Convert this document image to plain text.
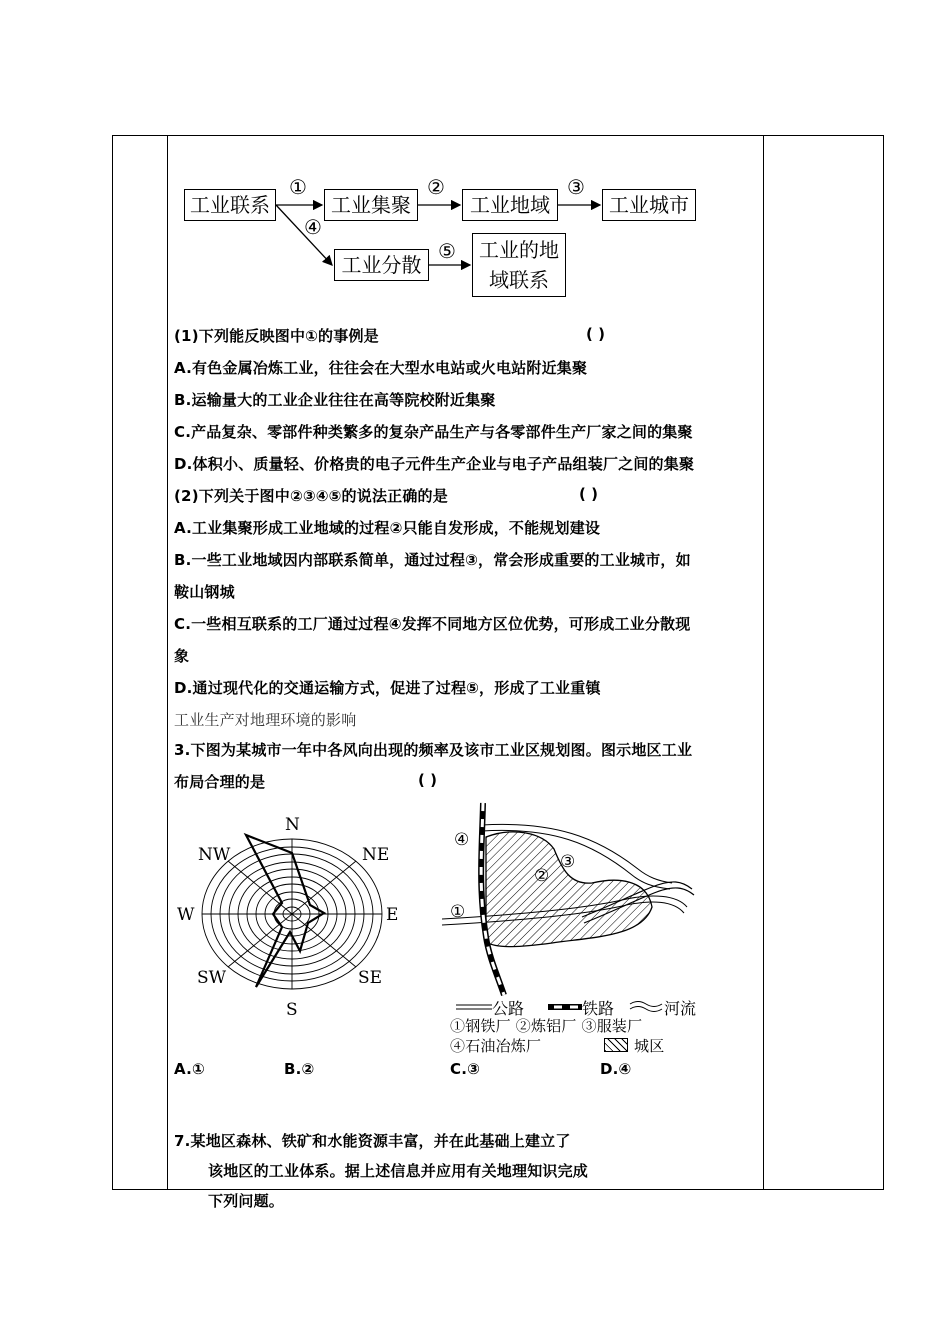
工业联系	工业集聚	工业地域	工业城市
工业分散
工业的地
域联系
①	②	③
④
⑤
(1)下列能反映图中①的事例是	( )
A.有色金属冶炼工业，往往会在大型水电站或火电站附近集聚
B.运输量大的工业企业往往在高等院校附近集聚
C.产品复杂、零部件种类繁多的复杂产品生产与各零部件生产厂家之间的集聚
D.体积小、质量轻、价格贵的电子元件生产企业与电子产品组装厂之间的集聚
(2)下列关于图中②③④⑤的说法正确的是	( )
A.工业集聚形成工业地域的过程②只能自发形成，不能规划建设
B.一些工业地域因内部联系简单，通过过程③，常会形成重要的工业城市，如
鞍山钢城
C.一些相互联系的工厂通过过程④发挥不同地方区位优势，可形成工业分散现
象
D.通过现代化的交通运输方式，促进了过程⑤，形成了工业重镇
工业生产对地理环境的影响
3.下图为某城市一年中各风向出现的频率及该市工业区规划图。图示地区工业
布局合理的是	( )
N
NE
E
SE
S
SW
W
NW
④
③
②
①
公路	铁路	河流
①钢铁厂 ②炼铝厂 ③服装厂
④石油冶炼厂	城区
A.①	B.②	C.③	D.④
7.某地区森林、铁矿和水能资源丰富，并在此基础上建立了
该地区的工业体系。据上述信息并应用有关地理知识完成
下列问题。
